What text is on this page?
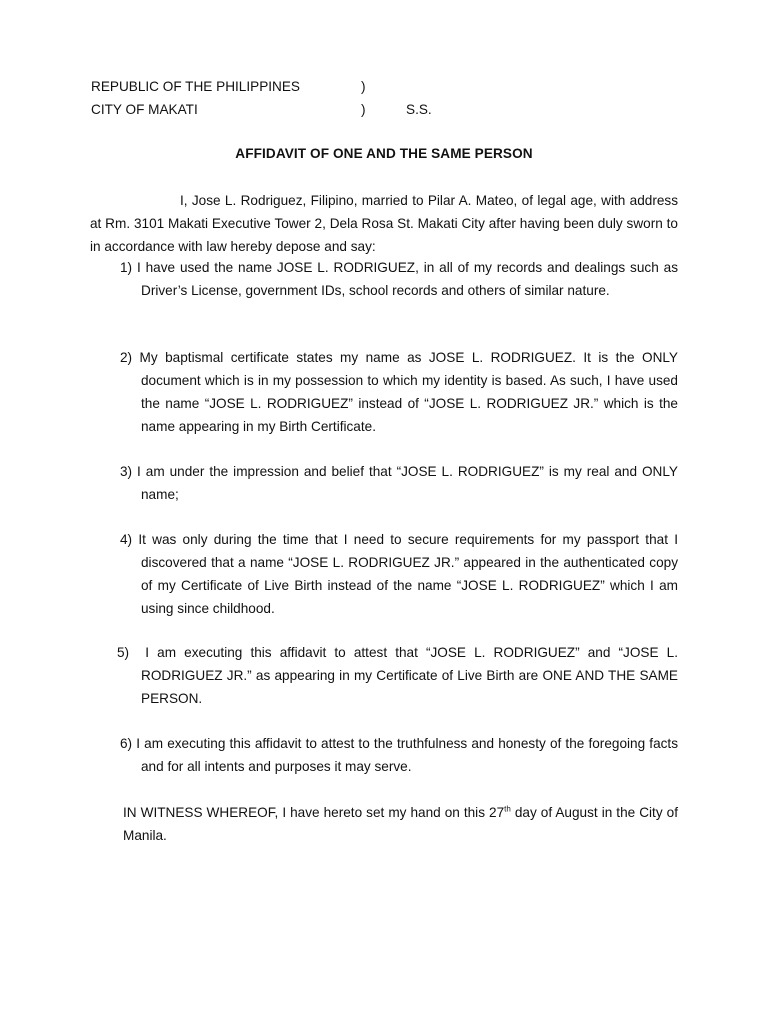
REPUBLIC OF THE PHILIPPINES	)
CITY OF MAKATI	)	S.S.
AFFIDAVIT OF ONE AND THE SAME PERSON
I, Jose L. Rodriguez, Filipino, married to Pilar A. Mateo, of legal age, with address at Rm. 3101 Makati Executive Tower 2, Dela Rosa St. Makati City after having been duly sworn to in accordance with law hereby depose and say:

1) I have used the name JOSE L. RODRIGUEZ, in all of my records and dealings such as Driver’s License, government IDs, school records and others of similar nature.

2) My baptismal certificate states my name as JOSE L. RODRIGUEZ. It is the ONLY document which is in my possession to which my identity is based. As such, I have used the name “JOSE L. RODRIGUEZ” instead of “JOSE L. RODRIGUEZ JR.” which is the name appearing in my Birth Certificate.

3) I am under the impression and belief that “JOSE L. RODRIGUEZ” is my real and ONLY name;

4) It was only during the time that I need to secure requirements for my passport that I discovered that a name “JOSE L. RODRIGUEZ JR.” appeared in the authenticated copy of my Certificate of Live Birth instead of the name “JOSE L. RODRIGUEZ” which I am using since childhood.

5) I am executing this affidavit to attest that “JOSE L. RODRIGUEZ” and “JOSE L. RODRIGUEZ JR.” as appearing in my Certificate of Live Birth are ONE AND THE SAME PERSON.

6) I am executing this affidavit to attest to the truthfulness and honesty of the foregoing facts and for all intents and purposes it may serve.

IN WITNESS WHEREOF, I have hereto set my hand on this 27th day of August in the City of Manila.
